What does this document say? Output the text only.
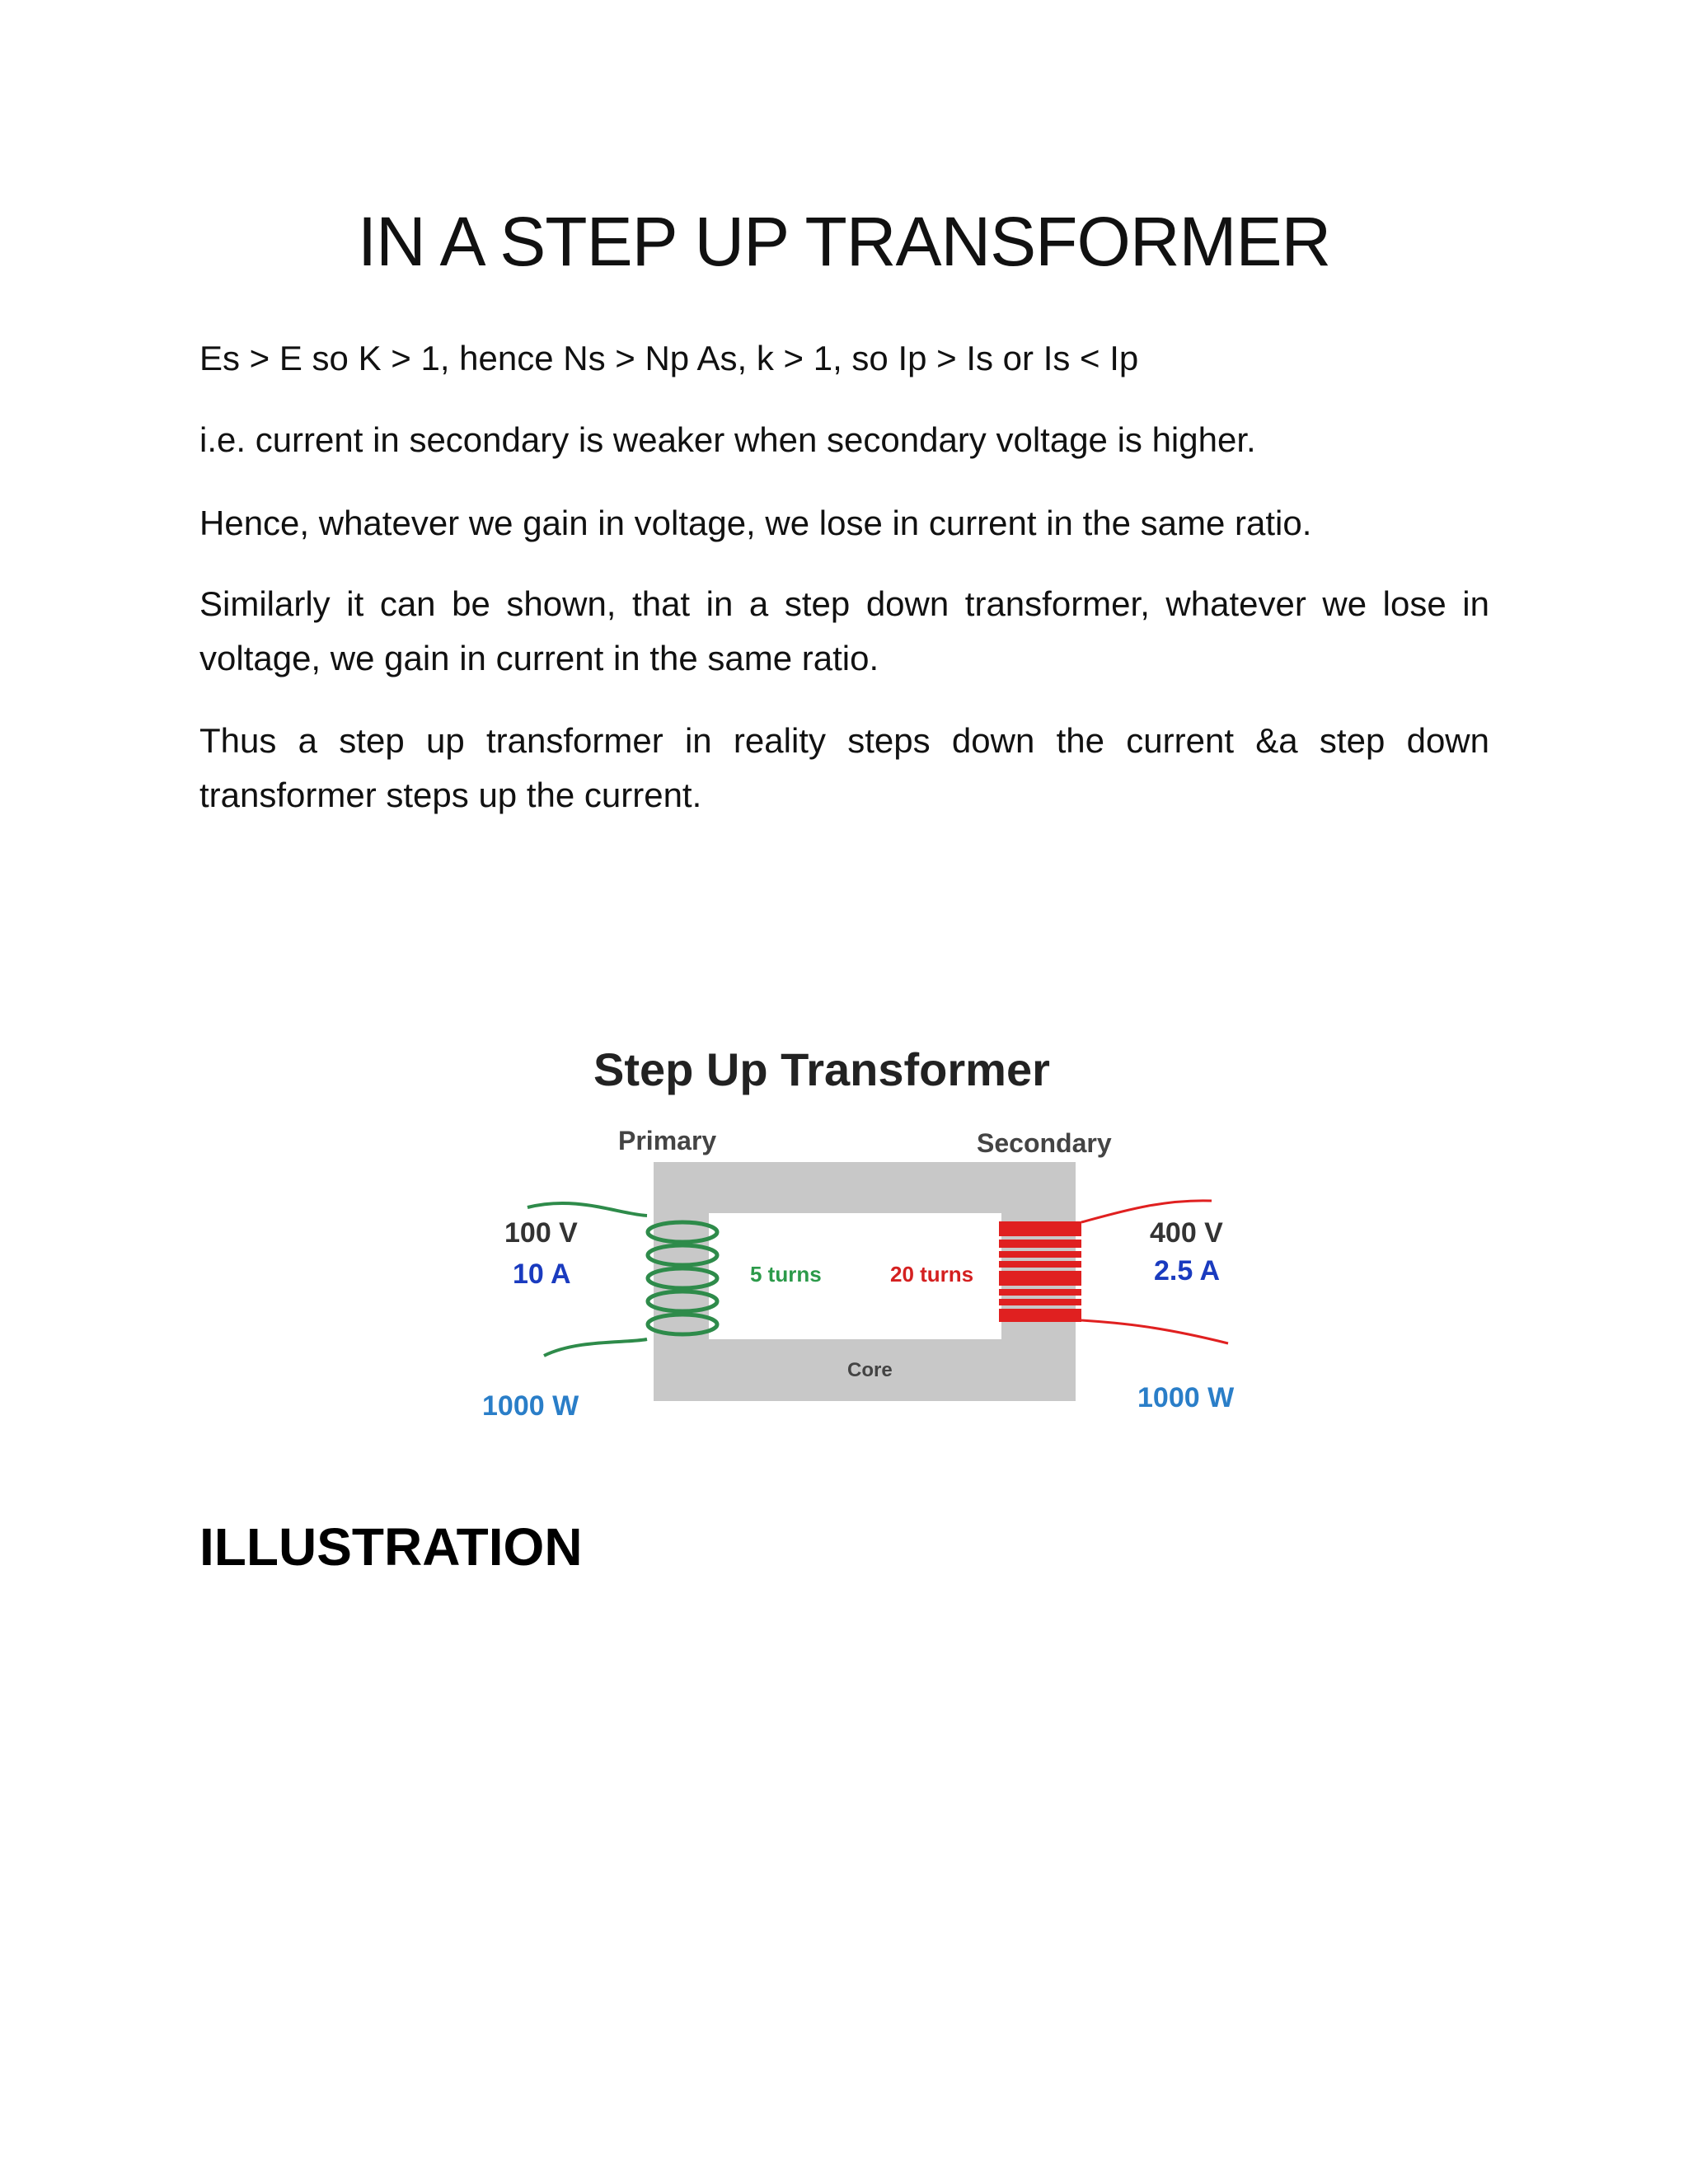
IN A STEP UP TRANSFORMER

Es > E so K > 1, hence Ns > Np As, k > 1, so Ip > Is or Is < Ip

i.e. current in secondary is weaker when secondary voltage is higher.

Hence, whatever we gain in voltage, we lose in current in the same ratio.

Similarly it can be shown, that in a step down transformer, whatever we lose in voltage, we gain in current in the same ratio.

Thus a step up transformer in reality steps down the current &a step down transformer steps up the current.

Step Up Transformer
Primary	Secondary
Core
100 V
10 A
1000 W
5 turns	20 turns
400 V
2.5 A
1000 W
ILLUSTRATION
